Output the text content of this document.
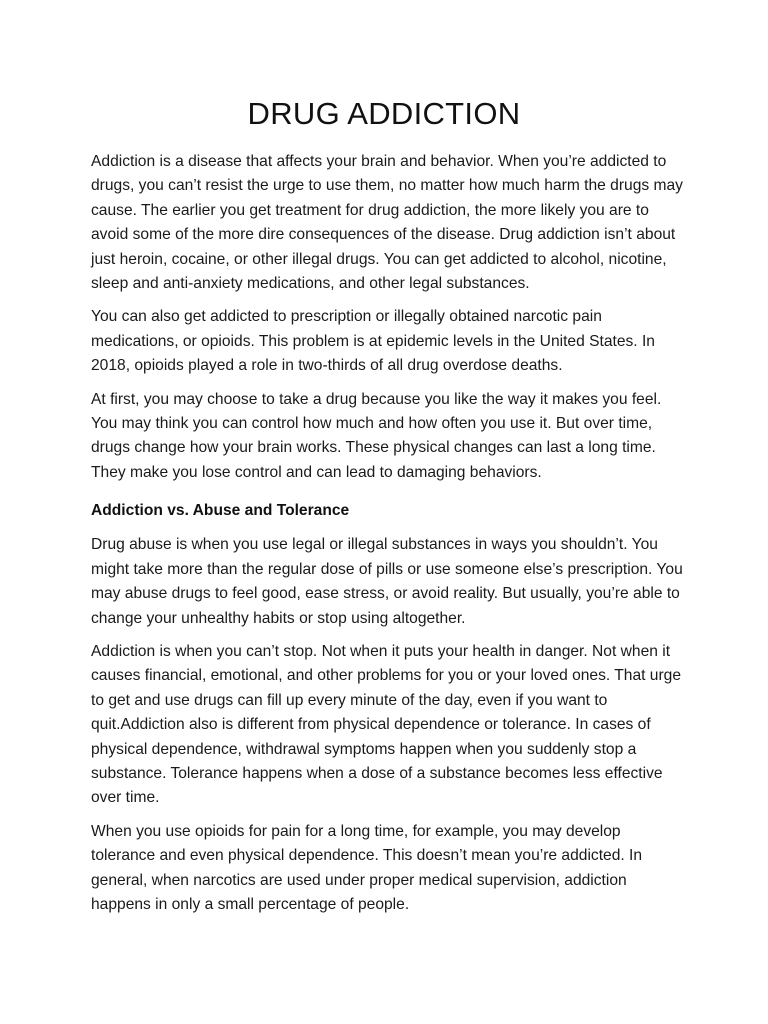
DRUG ADDICTION

Addiction is a disease that affects your brain and behavior. When you’re addicted to drugs, you can’t resist the urge to use them, no matter how much harm the drugs may cause. The earlier you get treatment for drug addiction, the more likely you are to avoid some of the more dire consequences of the disease. Drug addiction isn’t about just heroin, cocaine, or other illegal drugs. You can get addicted to alcohol, nicotine, sleep and anti-anxiety medications, and other legal substances.

You can also get addicted to prescription or illegally obtained narcotic pain medications, or opioids. This problem is at epidemic levels in the United States. In 2018, opioids played a role in two-thirds of all drug overdose deaths.

At first, you may choose to take a drug because you like the way it makes you feel. You may think you can control how much and how often you use it. But over time, drugs change how your brain works. These physical changes can last a long time. They make you lose control and can lead to damaging behaviors.

Addiction vs. Abuse and Tolerance

Drug abuse is when you use legal or illegal substances in ways you shouldn’t. You might take more than the regular dose of pills or use someone else’s prescription. You may abuse drugs to feel good, ease stress, or avoid reality. But usually, you’re able to change your unhealthy habits or stop using altogether.

Addiction is when you can’t stop. Not when it puts your health in danger. Not when it causes financial, emotional, and other problems for you or your loved ones. That urge to get and use drugs can fill up every minute of the day, even if you want to quit.Addiction also is different from physical dependence or tolerance. In cases of physical dependence, withdrawal symptoms happen when you suddenly stop a substance. Tolerance happens when a dose of a substance becomes less effective over time.

When you use opioids for pain for a long time, for example, you may develop tolerance and even physical dependence. This doesn’t mean you’re addicted. In general, when narcotics are used under proper medical supervision, addiction happens in only a small percentage of people.
